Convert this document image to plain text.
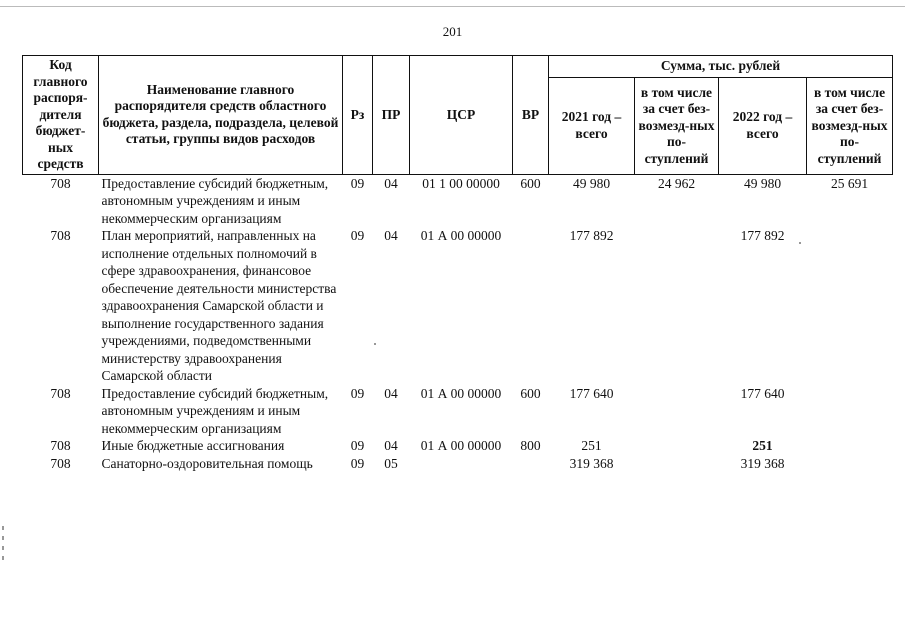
201
Код главного распоря-дителя бюджет-ных средств	Наименование главного распорядителя средств областного бюджета, раздела, подраздела, целевой статьи, группы видов расходов	Рз	ПР	ЦСР	ВР	Сумма, тыс. рублей			
						2021 год – всего	в том числе за счет без-возмезд-ных по-ступлений	2022 год – всего	в том числе за счет без-возмезд-ных по-ступлений
708	Предоставление субсидий бюджетным, автономным учреждениям и иным некоммерческим организациям	09	04	01 1 00 00000	600	49 980	24 962	49 980	25 691
708	План мероприятий, направленных на исполнение отдельных полномочий в сфере здравоохранения, финансовое обеспечение деятельности министерства здравоохранения Самарской области и выполнение государственного задания учреждениями, подведомственными министерству здравоохранения Самарской области	09	04	01 А 00 00000		177 892		177 892	
708	Предоставление субсидий бюджетным, автономным учреждениям и иным некоммерческим организациям	09	04	01 А 00 00000	600	177 640		177 640	
708	Иные бюджетные ассигнования	09	04	01 А 00 00000	800	251		251	
708	Санаторно-оздоровительная помощь	09	05			319 368		319 368	
